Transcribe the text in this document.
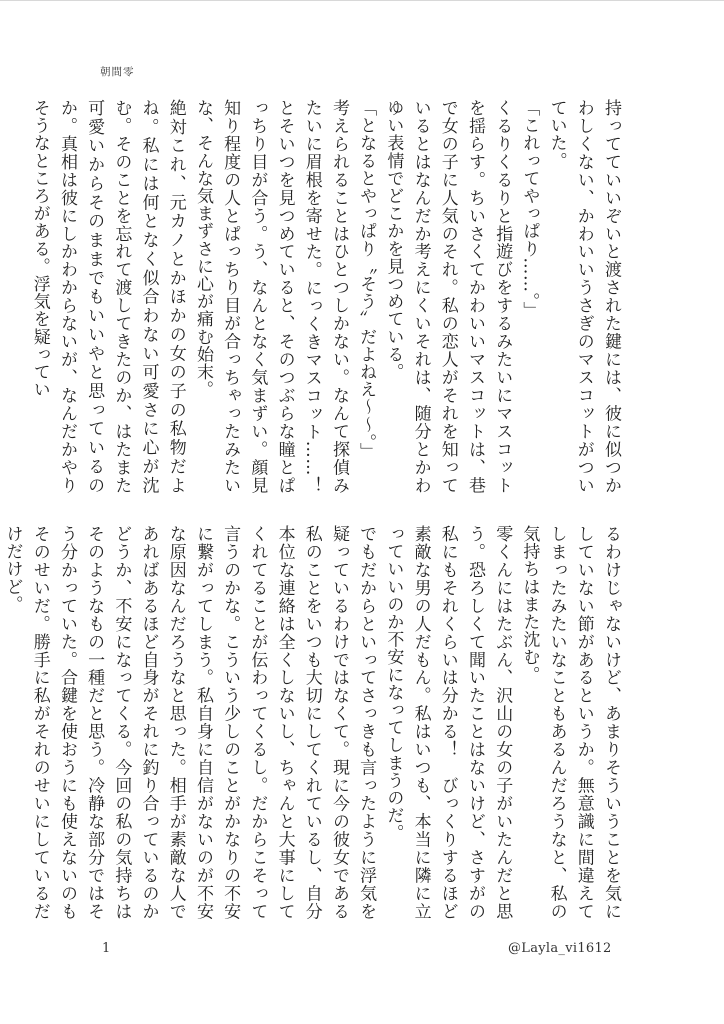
朝間零

持ってていいぞいと渡された鍵には、彼に似つかわしくない、かわいいうさぎのマスコットがついていた。

「これってやっぱり……。」

くるりくるりと指遊びをするみたいにマスコットを揺らす。ちいさくてかわいいマスコットは、巷で女の子に人気のそれ。私の恋人がそれを知っているとはなんだか考えにくいそれは、随分とかわゆい表情でどこかを見つめている。

「となるとやっぱり〝そう〟だよねえ〜〜。」

考えられることはひとつしかない。なんて探偵みたいに眉根を寄せた。にっくきマスコット……！とそいつを見つめていると、そのつぶらな瞳とぱっちり目が合う。う、なんとなく気まずい。顔見知り程度の人とぱっちり目が合っちゃったみたいな、そんな気まずさに心が痛む始末。

絶対これ、元カノとかほかの女の子の私物だよね。私には何となく似合わない可愛さに心が沈む。そのことを忘れて渡してきたのか、はたまた可愛いからそのままでもいいやと思っているのか。真相は彼にしかわからないが、なんだかやりそうなところがある。浮気を疑ってい

るわけじゃないけど、あまりそういうことを気にしていない節があるというか。無意識に間違えてしまったみたいなこともあるんだろうなと、私の気持ちはまた沈む。

零くんにはたぶん、沢山の女の子がいたんだと思う。恐ろしくて聞いたことはないけど、さすがの私にもそれくらいは分かる！　びっくりするほど素敵な男の人だもん。私はいつも、本当に隣に立っていいのか不安になってしまうのだ。

でもだからといってさっきも言ったように浮気を疑っているわけではなくて。現に今の彼女である私のことをいつも大切にしてくれているし、自分本位な連絡は全くしないし、ちゃんと大事にしてくれてることが伝わってくるし。だからこそって言うのかな。こういう少しのことがかなりの不安に繋がってしまう。私自身に自信がないのが不安な原因なんだろうなと思った。相手が素敵な人であればあるほど自身がそれに釣り合っているのかどうか、不安になってくる。今回の私の気持ちはそのようなもの一種だと思う。冷静な部分ではそう分かっていた。合鍵を使おうにも使えないのもそのせいだ。勝手に私がそれのせいにしているだけだけど。

1	@Layla_vi1612
